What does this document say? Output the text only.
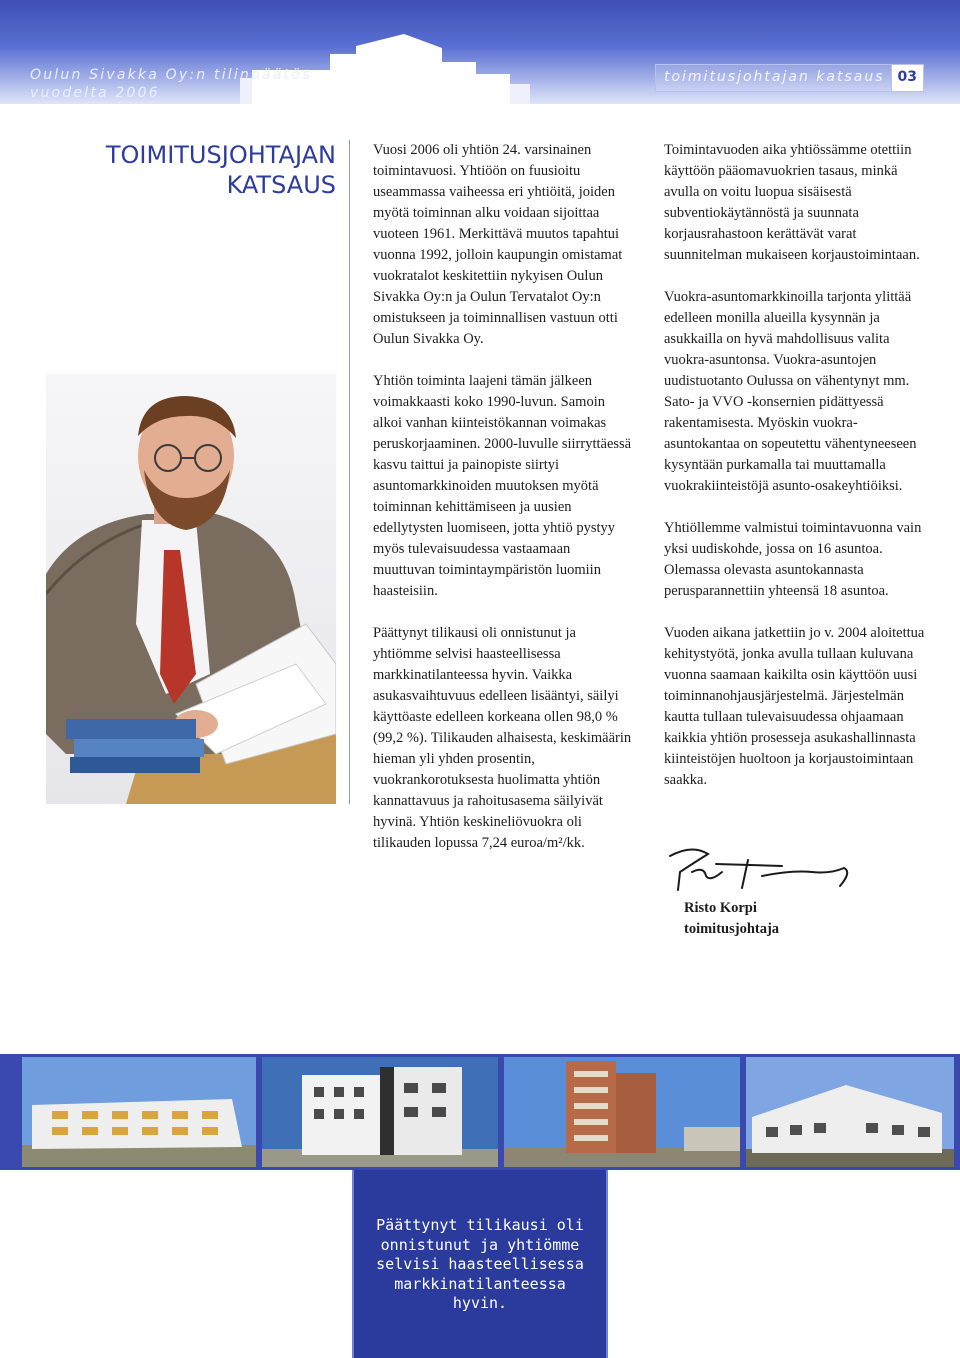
Oulun Sivakka Oy:n tilinpäätös
vuodelta 2006
toimitusjohtajan katsaus 03
TOIMITUSJOHTAJAN
KATSAUS

Vuosi 2006 oli yhtiön 24. varsinainen toimintavuosi. Yhtiöön on fuusioitu useammassa vaiheessa eri yhtiöitä, joiden myötä toiminnan alku voidaan sijoittaa vuoteen 1961. Merkittävä muutos tapahtui vuonna 1992, jolloin kaupungin omistamat vuokratalot keskitettiin nykyisen Oulun Sivakka Oy:n ja Oulun Tervatalot Oy:n omistukseen ja toiminnallisen vastuun otti Oulun Sivakka Oy.

Yhtiön toiminta laajeni tämän jälkeen voimakkaasti koko 1990-luvun. Samoin alkoi vanhan kiinteistökannan voimakas peruskorjaaminen. 2000-luvulle siirryttäessä kasvu taittui ja painopiste siirtyi asuntomarkkinoiden muutoksen myötä toiminnan kehittämiseen ja uusien edellytysten luomiseen, jotta yhtiö pystyy myös tulevaisuudessa vastaamaan muuttuvan toimintaympäristön luomiin haasteisiin.

Päättynyt tilikausi oli onnistunut ja yhtiömme selvisi haasteellisessa markkinatilanteessa hyvin. Vaikka asukasvaihtuvuus edelleen lisääntyi, säilyi käyttöaste edelleen korkeana ollen 98,0 % (99,2 %). Tilikauden alhaisesta, keskimäärin hieman yli yhden prosentin, vuokrankorotuksesta huolimatta yhtiön kannattavuus ja rahoitusasema säilyivät hyvinä. Yhtiön keskineliövuokra oli tilikauden lopussa 7,24 euroa/m²/kk.

Toimintavuoden aika yhtiössämme otettiin käyttöön pääomavuokrien tasaus, minkä avulla on voitu luopua sisäisestä subventiokäytännöstä ja suunnata korjausrahastoon kerättävät varat suunnitelman mukaiseen korjaustoimintaan.

Vuokra-asuntomarkkinoilla tarjonta ylittää edelleen monilla alueilla kysynnän ja asukkailla on hyvä mahdollisuus valita vuokra-asuntonsa. Vuokra-asuntojen uudistuotanto Oulussa on vähentynyt mm. Sato- ja VVO -konsernien pidättyessä rakentamisesta. Myöskin vuokra-asuntokantaa on sopeutettu vähentyneeseen kysyntään purkamalla tai muuttamalla vuokrakiinteistöjä asunto-osakeyhtiöiksi.

Yhtiöllemme valmistui toimintavuonna vain yksi uudiskohde, jossa on 16 asuntoa. Olemassa olevasta asuntokannasta perusparannettiin yhteensä 18 asuntoa.

Vuoden aikana jatkettiin jo v. 2004 aloitettua kehitystyötä, jonka avulla tullaan kuluvana vuonna saamaan kaikilta osin käyttöön uusi toiminnanohjausjärjestelmä. Järjestelmän kautta tullaan tulevaisuudessa ohjaamaan kaikkia yhtiön prosesseja asukashallinnasta kiinteistöjen huoltoon ja korjaustoimintaan saakka.

Risto Korpi
toimitusjohtaja
Päättynyt tilikausi oli onnistunut ja yhtiömme selvisi haasteellisessa markkinatilanteessa hyvin.
